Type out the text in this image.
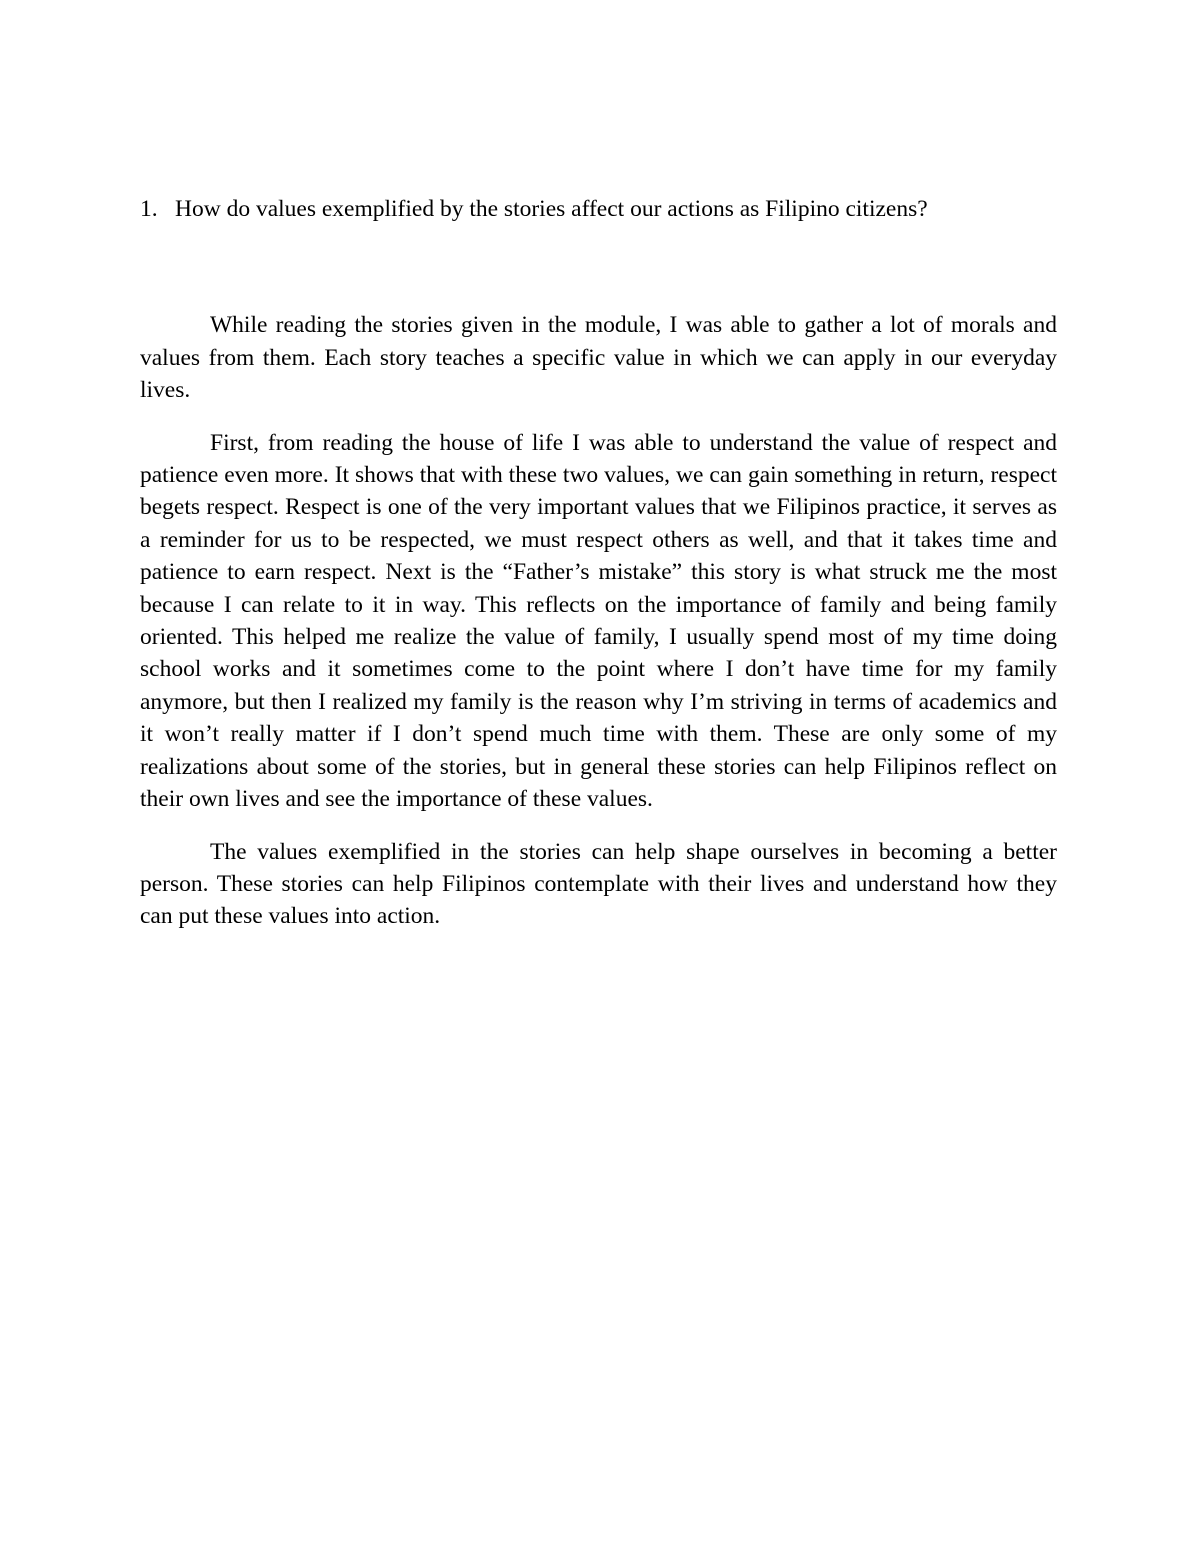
1. How do values exemplified by the stories affect our actions as Filipino citizens?

While reading the stories given in the module, I was able to gather a lot of morals and values from them. Each story teaches a specific value in which we can apply in our everyday lives.

First, from reading the house of life I was able to understand the value of respect and patience even more. It shows that with these two values, we can gain something in return, respect begets respect. Respect is one of the very important values that we Filipinos practice, it serves as a reminder for us to be respected, we must respect others as well, and that it takes time and patience to earn respect. Next is the “Father’s mistake” this story is what struck me the most because I can relate to it in way. This reflects on the importance of family and being family oriented. This helped me realize the value of family, I usually spend most of my time doing school works and it sometimes come to the point where I don’t have time for my family anymore, but then I realized my family is the reason why I’m striving in terms of academics and it won’t really matter if I don’t spend much time with them. These are only some of my realizations about some of the stories, but in general these stories can help Filipinos reflect on their own lives and see the importance of these values.

The values exemplified in the stories can help shape ourselves in becoming a better person. These stories can help Filipinos contemplate with their lives and understand how they can put these values into action.
